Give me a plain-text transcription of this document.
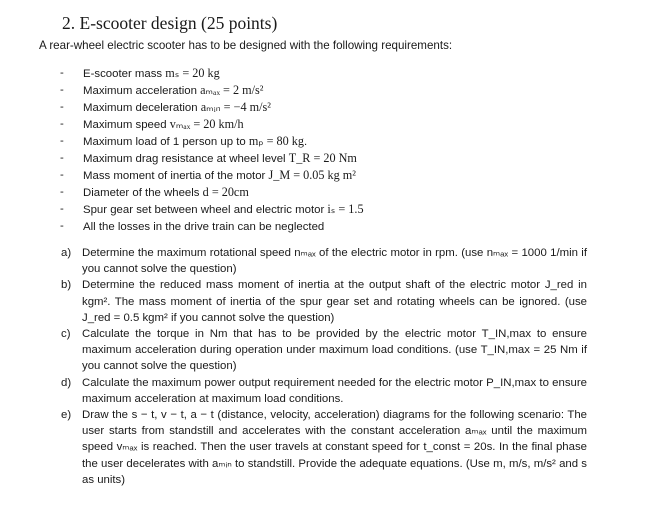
2. E-scooter design (25 points)
A rear-wheel electric scooter has to be designed with the following requirements:
-	E-scooter mass mₛ = 20 kg
-	Maximum acceleration aₘₐₓ = 2 m/s²
-	Maximum deceleration aₘᵢₙ = −4 m/s²
-	Maximum speed vₘₐₓ = 20 km/h
-	Maximum load of 1 person up to mₚ = 80 kg.
-	Maximum drag resistance at wheel level T_R = 20 Nm
-	Mass moment of inertia of the motor J_M = 0.05 kg m²
-	Diameter of the wheels d = 20cm
-	Spur gear set between wheel and electric motor iₛ = 1.5
-	All the losses in the drive train can be neglected
a) Determine the maximum rotational speed nₘₐₓ of the electric motor in rpm. (use nₘₐₓ = 1000 1/min if you cannot solve the question)
b) Determine the reduced mass moment of inertia at the output shaft of the electric motor J_red in kgm². The mass moment of inertia of the spur gear set and rotating wheels can be ignored. (use J_red = 0.5 kgm² if you cannot solve the question)
c) Calculate the torque in Nm that has to be provided by the electric motor T_IN,max to ensure maximum acceleration during operation under maximum load conditions. (use T_IN,max = 25 Nm if you cannot solve the question)
d) Calculate the maximum power output requirement needed for the electric motor P_IN,max to ensure maximum acceleration at maximum load conditions.
e) Draw the s − t, v − t, a − t (distance, velocity, acceleration) diagrams for the following scenario: The user starts from standstill and accelerates with the constant acceleration aₘₐₓ until the maximum speed vₘₐₓ is reached. Then the user travels at constant speed for t_const = 20s. In the final phase the user decelerates with aₘᵢₙ to standstill. Provide the adequate equations. (Use m, m/s, m/s² and s as units)
